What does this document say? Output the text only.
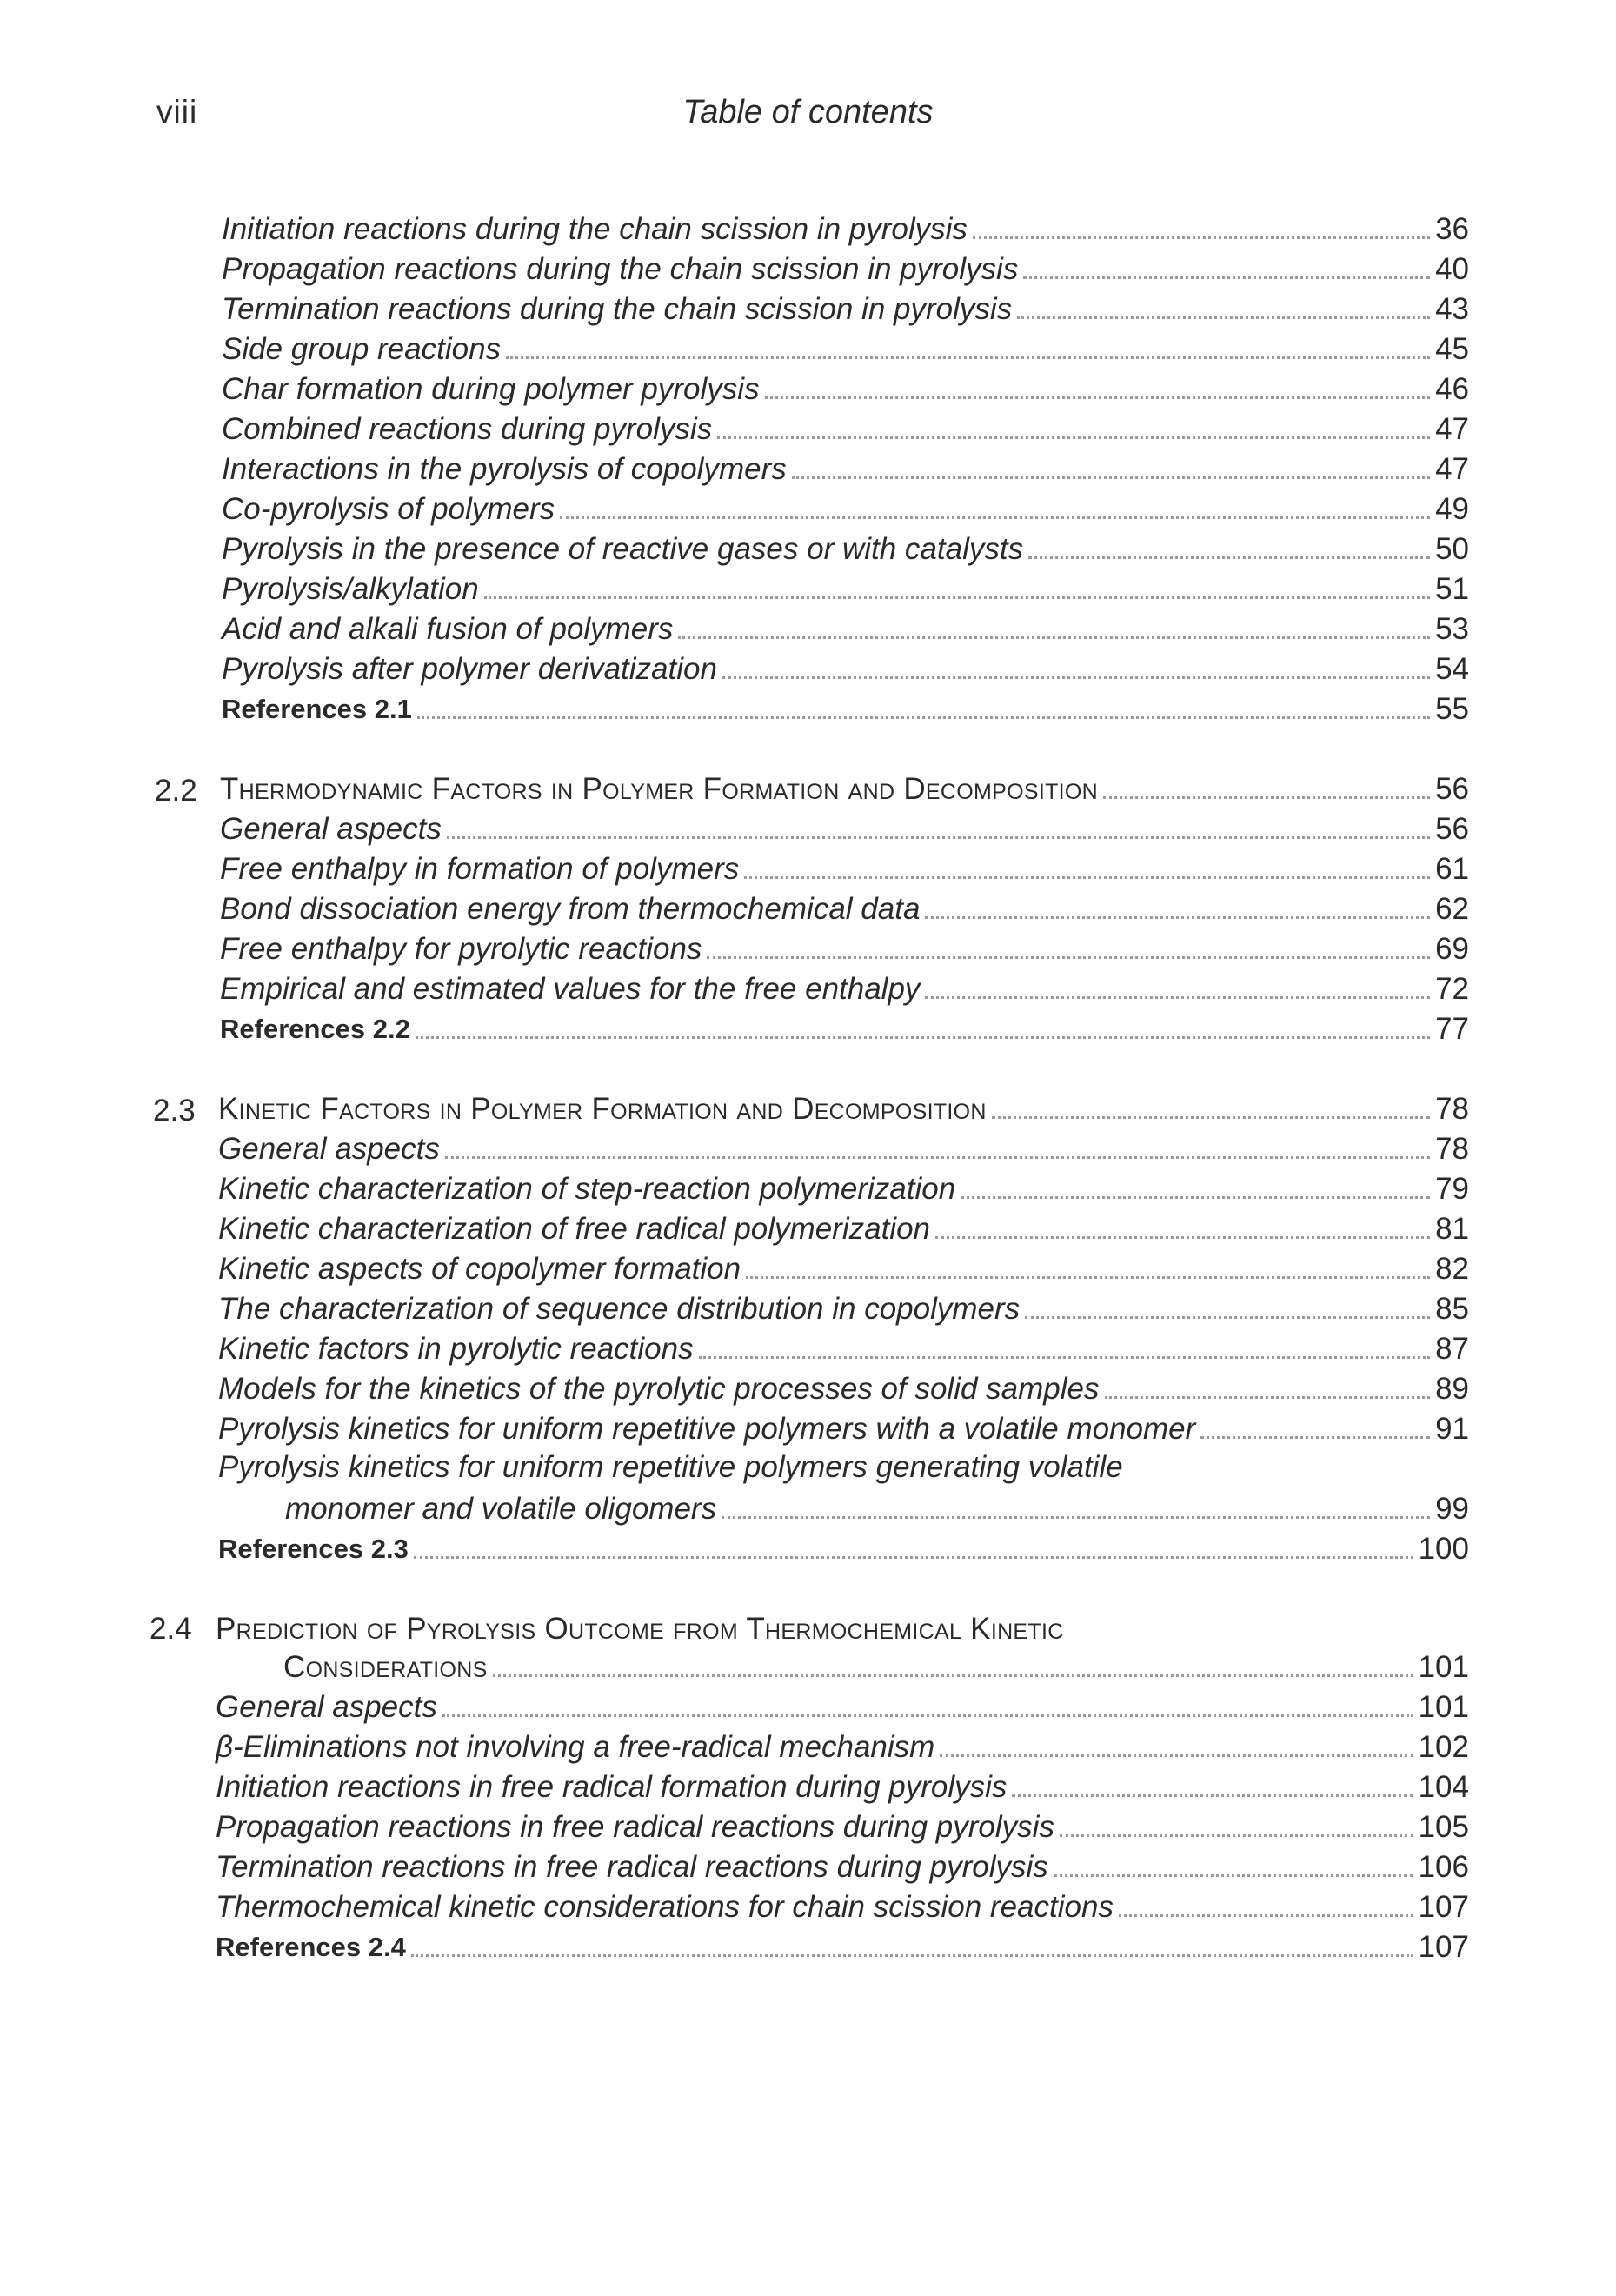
viii	Table of contents
Initiation reactions during the chain scission in pyrolysis	36
Propagation reactions during the chain scission in pyrolysis	40
Termination reactions during the chain scission in pyrolysis	43
Side group reactions	45
Char formation during polymer pyrolysis	46
Combined reactions during pyrolysis	47
Interactions in the pyrolysis of copolymers	47
Co-pyrolysis of polymers	49
Pyrolysis in the presence of reactive gases or with catalysts	50
Pyrolysis/alkylation	51
Acid and alkali fusion of polymers	53
Pyrolysis after polymer derivatization	54
References 2.1	55
2.2 Thermodynamic Factors in Polymer Formation and Decomposition	56
General aspects	56
Free enthalpy in formation of polymers	61
Bond dissociation energy from thermochemical data	62
Free enthalpy for pyrolytic reactions	69
Empirical and estimated values for the free enthalpy	72
References 2.2	77
2.3 Kinetic Factors in Polymer Formation and Decomposition	78
General aspects	78
Kinetic characterization of step-reaction polymerization	79
Kinetic characterization of free radical polymerization	81
Kinetic aspects of copolymer formation	82
The characterization of sequence distribution in copolymers	85
Kinetic factors in pyrolytic reactions	87
Models for the kinetics of the pyrolytic processes of solid samples	89
Pyrolysis kinetics for uniform repetitive polymers with a volatile monomer	91
Pyrolysis kinetics for uniform repetitive polymers generating volatile
monomer and volatile oligomers	99
References 2.3	100
2.4 Prediction of Pyrolysis Outcome from Thermochemical Kinetic
Considerations	101
General aspects	101
β-Eliminations not involving a free-radical mechanism	102
Initiation reactions in free radical formation during pyrolysis	104
Propagation reactions in free radical reactions during pyrolysis	105
Termination reactions in free radical reactions during pyrolysis	106
Thermochemical kinetic considerations for chain scission reactions	107
References 2.4	107
